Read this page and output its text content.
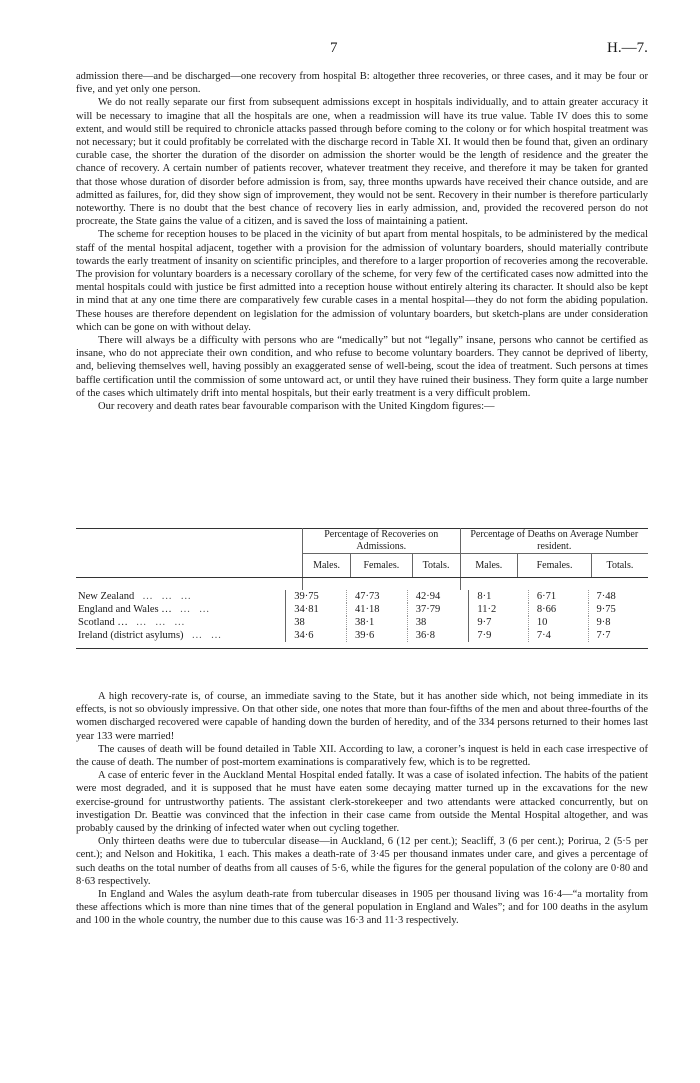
7	H.—7.

admission there—and be discharged—one recovery from hospital B: altogether three recoveries, or three cases, and it may be four or five, and yet only one person.

We do not really separate our first from subsequent admissions except in hospitals individually, and to attain greater accuracy it will be necessary to imagine that all the hospitals are one, when a readmission will have its true value. Table IV does this to some extent, and would still be required to chronicle attacks passed through before coming to the colony or for which hospital treatment was not necessary; but it could profitably be correlated with the discharge record in Table XI. It would then be found that, given an ordinary curable case, the shorter the duration of the disorder on admission the shorter would be the length of residence and the greater the chance of recovery. A certain number of patients recover, whatever treatment they receive, and therefore it may be taken for granted that those whose duration of disorder before admission is from, say, three months upwards have received their chance outside, and are admitted as failures, for, did they show sign of improvement, they would not be sent. Recovery in their number is therefore particularly noteworthy. There is no doubt that the best chance of recovery lies in early admission, and, provided the recovered person do not procreate, the State gains the value of a citizen, and is saved the loss of maintaining a patient.

The scheme for reception houses to be placed in the vicinity of but apart from mental hospitals, to be administered by the medical staff of the mental hospital adjacent, together with a provision for the admission of voluntary boarders, should materially contribute towards the early treatment of insanity on scientific principles, and therefore to a larger proportion of recoveries among the recoverable. The provision for voluntary boarders is a necessary corollary of the scheme, for very few of the certificated cases now admitted into the mental hospitals could with justice be first admitted into a reception house without entirely altering its character. It should also be kept in mind that at any one time there are comparatively few curable cases in a mental hospital—they do not form the abiding population. These houses are therefore dependent on legislation for the admission of voluntary boarders, but sketch-plans are under consideration which can be gone on with without delay.

There will always be a difficulty with persons who are “medically” but not “legally” insane, persons who cannot be certified as insane, who do not appreciate their own condition, and who refuse to become voluntary boarders. They cannot be deprived of liberty, and, believing themselves well, having possibly an exaggerated sense of well-being, scout the idea of treatment. Such persons at times baffle certification until the commission of some untoward act, or until they have ruined their business. They form quite a large number of the cases which ultimately drift into mental hospitals, but their early treatment is a very difficult problem.

Our recovery and death rates bear favourable comparison with the United Kingdom figures:—

	Percentage of Recoveries on Admissions.			Percentage of Deaths on Average Number resident.		
	Males.	Females.	Totals.	Males.	Females.	Totals.

New Zealand … … …	39·75	47·73	42·94	8·1	6·71	7·48
England and Wales … … …	34·81	41·18	37·79	11·2	8·66	9·75
Scotland … … … …	38	38·1	38	9·7	10	9·8
Ireland (district asylums) … …	34·6	39·6	36·8	7·9	7·4	7·7

A high recovery-rate is, of course, an immediate saving to the State, but it has another side which, not being immediate in its effects, is not so obviously impressive. On that other side, one notes that more than four-fifths of the men and about three-fourths of the women discharged recovered were capable of handing down the burden of heredity, and of the 334 persons returned to their homes last year 133 were married!

The causes of death will be found detailed in Table XII. According to law, a coroner’s inquest is held in each case irrespective of the cause of death. The number of post-mortem examinations is comparatively few, which is to be regretted.

A case of enteric fever in the Auckland Mental Hospital ended fatally. It was a case of isolated infection. The habits of the patient were most degraded, and it is supposed that he must have eaten some decaying matter turned up in the excavations for the new exercise-ground for untrustworthy patients. The assistant clerk-storekeeper and two attendants were attacked concurrently, but on investigation Dr. Beattie was convinced that the infection in their case came from outside the Mental Hospital altogether, and was probably caused by the drinking of infected water when out cycling together.

Only thirteen deaths were due to tubercular disease—in Auckland, 6 (12 per cent.); Seacliff, 3 (6 per cent.); Porirua, 2 (5·5 per cent.); and Nelson and Hokitika, 1 each. This makes a death-rate of 3·45 per thousand inmates under care, and gives a percentage of such deaths on the total number of deaths from all causes of 5·6, while the figures for the general population of the colony are 0·80 and 8·63 respectively.

In England and Wales the asylum death-rate from tubercular diseases in 1905 per thousand living was 16·4—“a mortality from these affections which is more than nine times that of the general population in England and Wales”; and for 100 deaths in the asylum and 100 in the whole country, the number due to this cause was 16·3 and 11·3 respectively.
